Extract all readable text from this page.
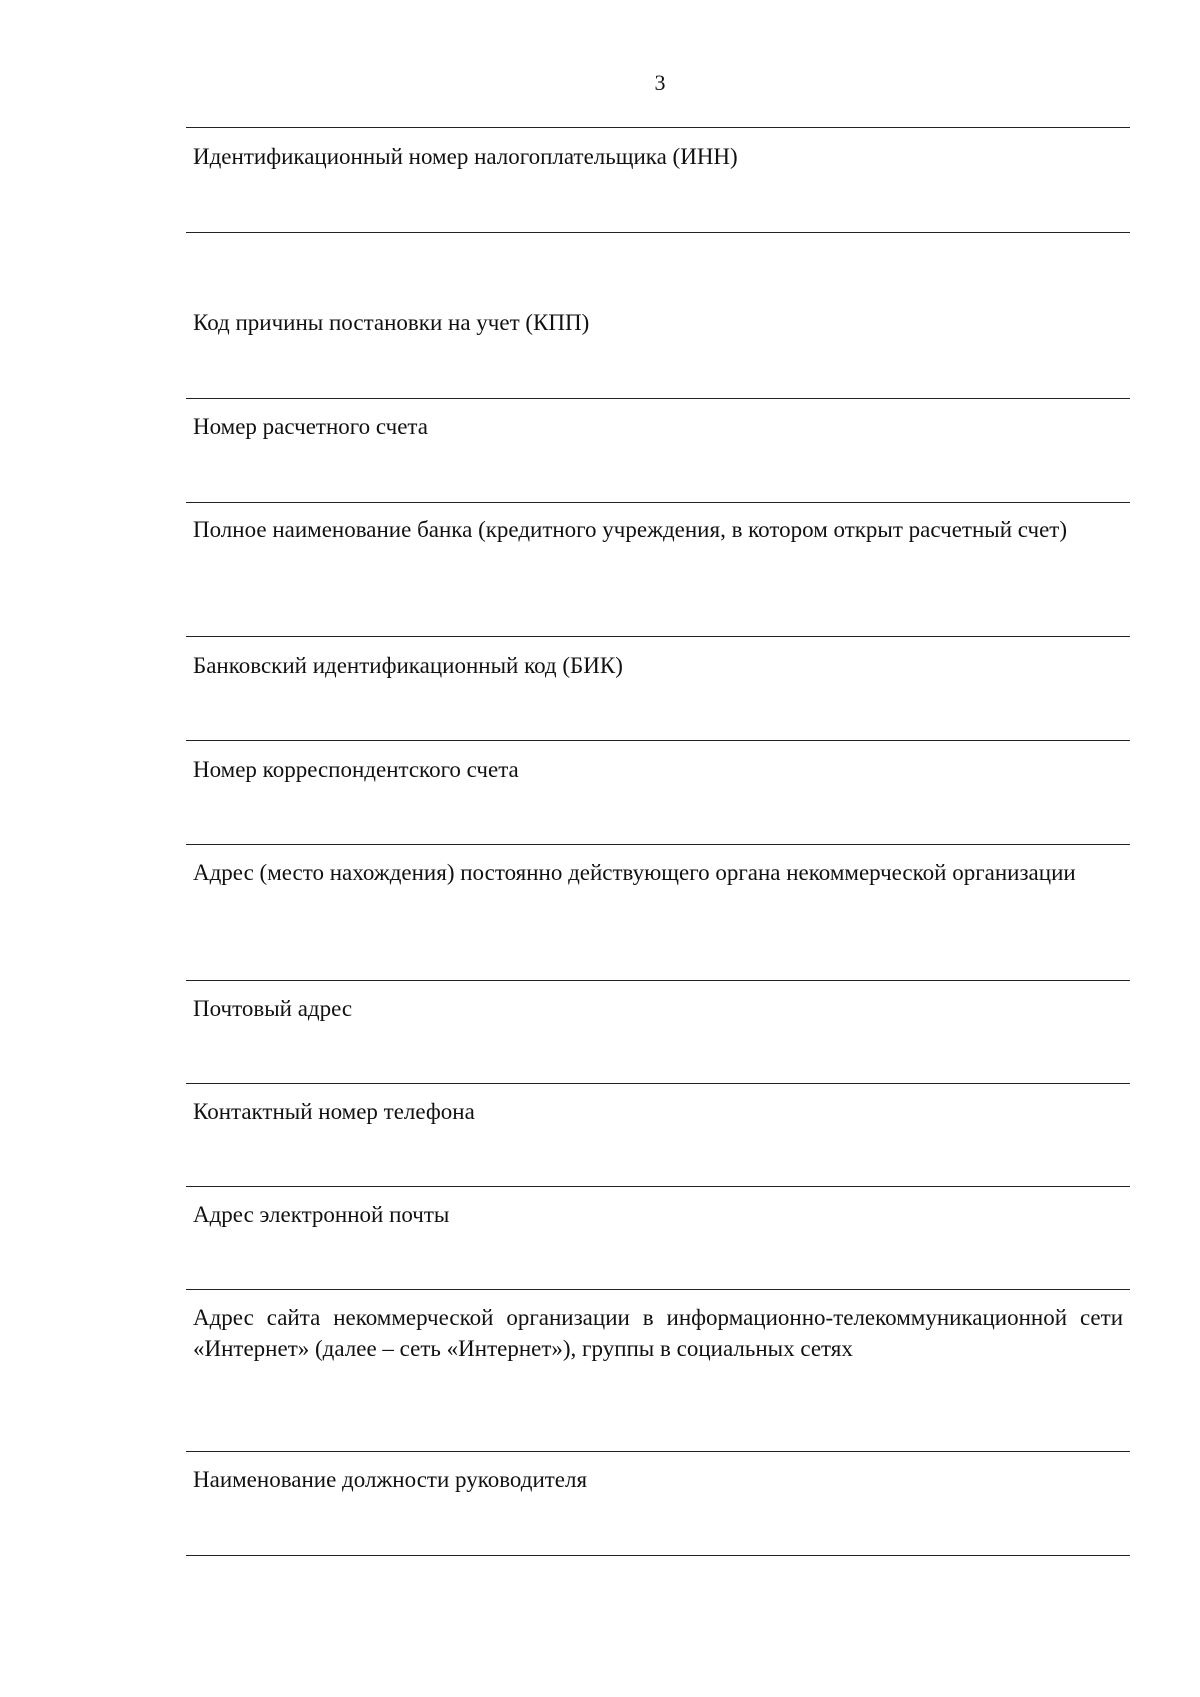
3
Идентификационный номер налогоплательщика (ИНН)
Код причины постановки на учет (КПП)
Номер расчетного счета
Полное наименование банка (кредитного учреждения, в котором открыт расчетный счет)
Банковский идентификационный код (БИК)
Номер корреспондентского счета
Адрес (место нахождения) постоянно действующего органа некоммерческой организации
Почтовый адрес
Контактный номер телефона
Адрес электронной почты
Адрес сайта некоммерческой организации в информационно-телекоммуникационной сети «Интернет» (далее – сеть «Интернет»), группы в социальных сетях
Наименование должности руководителя
